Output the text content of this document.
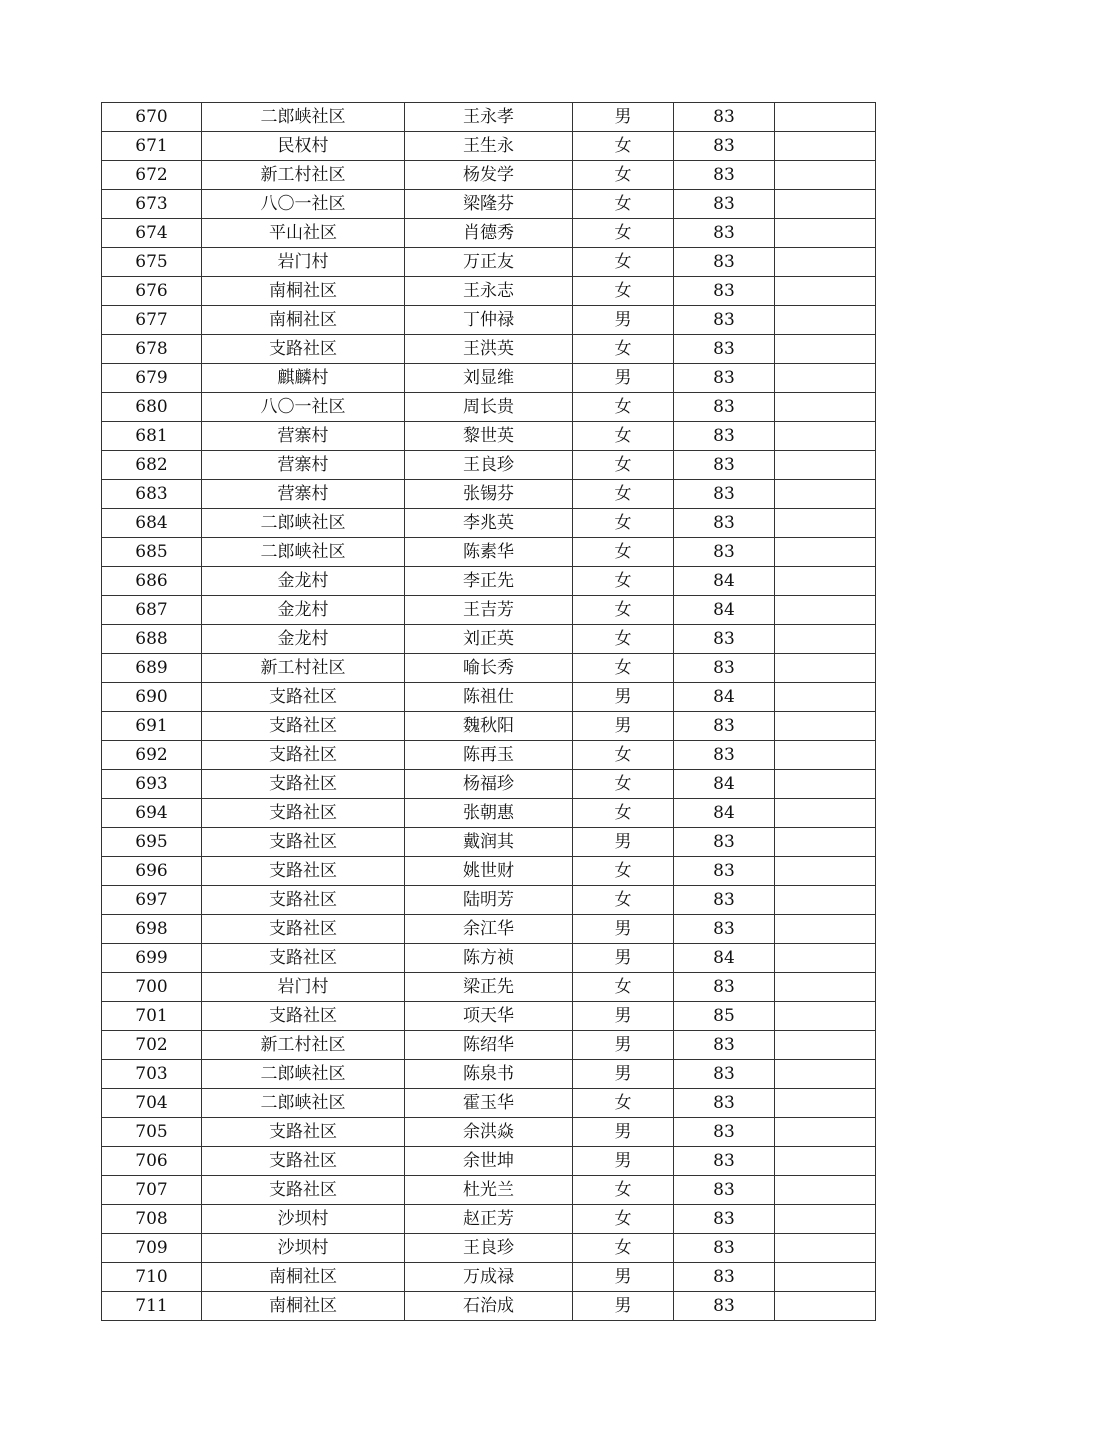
670	二郎峡社区	王永孝	男	83	
671	民权村	王生永	女	83	
672	新工村社区	杨发学	女	83	
673	八〇一社区	梁隆芬	女	83	
674	平山社区	肖德秀	女	83	
675	岩门村	万正友	女	83	
676	南桐社区	王永志	女	83	
677	南桐社区	丁仲禄	男	83	
678	支路社区	王洪英	女	83	
679	麒麟村	刘显维	男	83	
680	八〇一社区	周长贵	女	83	
681	营寨村	黎世英	女	83	
682	营寨村	王良珍	女	83	
683	营寨村	张锡芬	女	83	
684	二郎峡社区	李兆英	女	83	
685	二郎峡社区	陈素华	女	83	
686	金龙村	李正先	女	84	
687	金龙村	王吉芳	女	84	
688	金龙村	刘正英	女	83	
689	新工村社区	喻长秀	女	83	
690	支路社区	陈祖仕	男	84	
691	支路社区	魏秋阳	男	83	
692	支路社区	陈再玉	女	83	
693	支路社区	杨福珍	女	84	
694	支路社区	张朝惠	女	84	
695	支路社区	戴润其	男	83	
696	支路社区	姚世财	女	83	
697	支路社区	陆明芳	女	83	
698	支路社区	余江华	男	83	
699	支路社区	陈方祯	男	84	
700	岩门村	梁正先	女	83	
701	支路社区	项天华	男	85	
702	新工村社区	陈绍华	男	83	
703	二郎峡社区	陈泉书	男	83	
704	二郎峡社区	霍玉华	女	83	
705	支路社区	余洪焱	男	83	
706	支路社区	余世坤	男	83	
707	支路社区	杜光兰	女	83	
708	沙坝村	赵正芳	女	83	
709	沙坝村	王良珍	女	83	
710	南桐社区	万成禄	男	83	
711	南桐社区	石治成	男	83	
